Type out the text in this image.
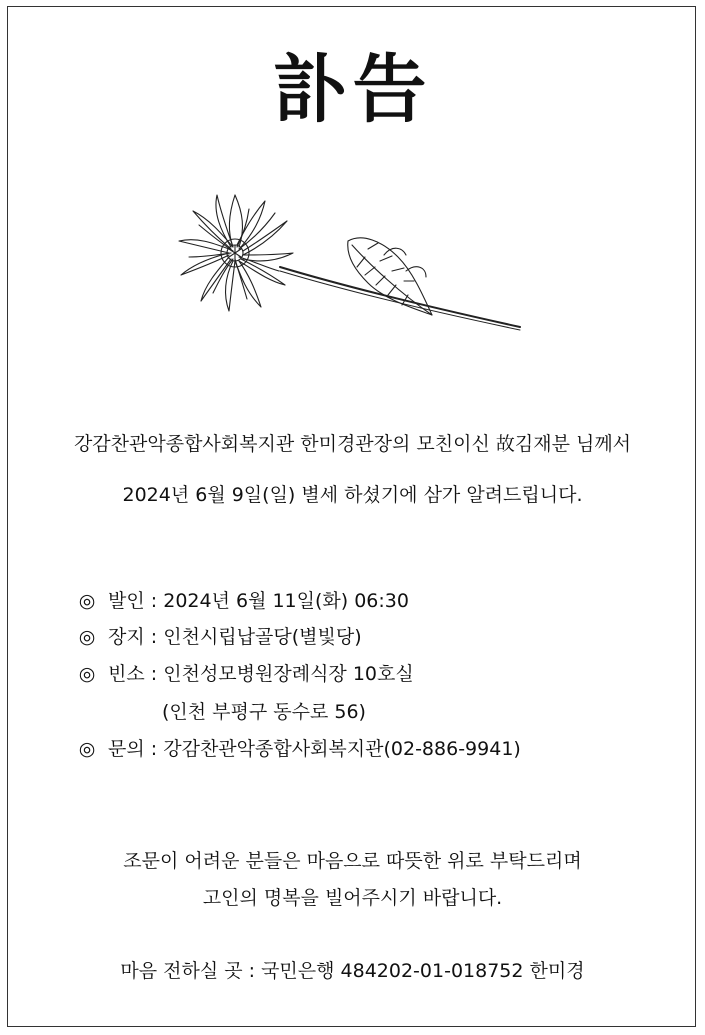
訃告
강감찬관악종합사회복지관 한미경관장의 모친이신 故김재분 님께서
2024년 6월 9일(일) 별세 하셨기에 삼가 알려드립니다.
◎ 발인 : 2024년 6월 11일(화) 06:30
◎ 장지 : 인천시립납골당(별빛당)
◎ 빈소 : 인천성모병원장례식장 10호실
(인천 부평구 동수로 56)
◎ 문의 : 강감찬관악종합사회복지관(02-886-9941)
조문이 어려운 분들은 마음으로 따뜻한 위로 부탁드리며
고인의 명복을 빌어주시기 바랍니다.
마음 전하실 곳 : 국민은행 484202-01-018752 한미경
